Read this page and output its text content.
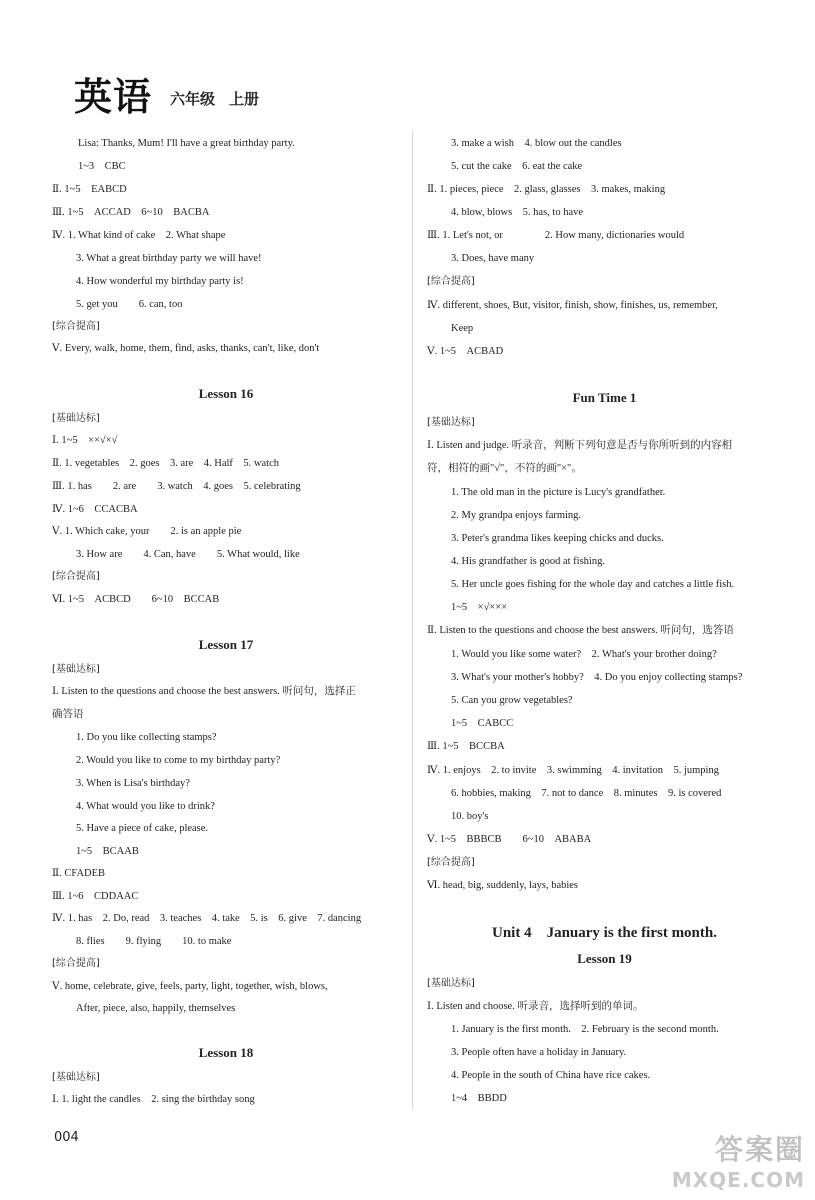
英语 六年级 上册
Lisa: Thanks, Mum! I'll have a great birthday party.
1~3　CBC
Ⅱ. 1~5　EABCD
Ⅲ. 1~5　ACCAD　6~10　BACBA
Ⅳ. 1. What kind of cake　2. What shape
3. What a great birthday party we will have!
4. How wonderful my birthday party is!
5. get you　　6. can, too
[综合提高]
Ⅴ. Every, walk, home, them, find, asks, thanks, can't, like, don't
Lesson 16
[基础达标]
Ⅰ. 1~5　××√×√
Ⅱ. 1. vegetables　2. goes　3. are　4. Half　5. watch
Ⅲ. 1. has　　2. are　　3. watch　4. goes　5. celebrating
Ⅳ. 1~6　CCACBA
Ⅴ. 1. Which cake, your　　2. is an apple pie
3. How are　　4. Can, have　　5. What would, like
[综合提高]
Ⅵ. 1~5　ACBCD　　6~10　BCCAB
Lesson 17
[基础达标]
Ⅰ. Listen to the questions and choose the best answers. 听问句，选择正
确答语
1. Do you like collecting stamps?
2. Would you like to come to my birthday party?
3. When is Lisa's birthday?
4. What would you like to drink?
5. Have a piece of cake, please.
1~5　BCAAB
Ⅱ. CFADEB
Ⅲ. 1~6　CDDAAC
Ⅳ. 1. has　2. Do, read　3. teaches　4. take　5. is　6. give　7. dancing
8. flies　　9. flying　　10. to make
[综合提高]
Ⅴ. home, celebrate, give, feels, party, light, together, wish, blows,
After, piece, also, happily, themselves
Lesson 18
[基础达标]
Ⅰ. 1. light the candles　2. sing the birthday song
3. make a wish　4. blow out the candles
5. cut the cake　6. eat the cake
Ⅱ. 1. pieces, piece　2. glass, glasses　3. makes, making
4. blow, blows　5. has, to have
Ⅲ. 1. Let's not, or　　　　2. How many, dictionaries would
3. Does, have many
[综合提高]
Ⅳ. different, shoes, But, visitor, finish, show, finishes, us, remember,
Keep
Ⅴ. 1~5　ACBAD
Fun Time 1
[基础达标]
Ⅰ. Listen and judge. 听录音，判断下列句意是否与你所听到的内容相
符，相符的画"√"，不符的画"×"。
1. The old man in the picture is Lucy's grandfather.
2. My grandpa enjoys farming.
3. Peter's grandma likes keeping chicks and ducks.
4. His grandfather is good at fishing.
5. Her uncle goes fishing for the whole day and catches a little fish.
1~5　×√×××
Ⅱ. Listen to the questions and choose the best answers. 听问句，选答语
1. Would you like some water?　2. What's your brother doing?
3. What's your mother's hobby?　4. Do you enjoy collecting stamps?
5. Can you grow vegetables?
1~5　CABCC
Ⅲ. 1~5　BCCBA
Ⅳ. 1. enjoys　2. to invite　3. swimming　4. invitation　5. jumping
6. hobbies, making　7. not to dance　8. minutes　9. is covered
10. boy's
Ⅴ. 1~5　BBBCB　　6~10　ABABA
[综合提高]
Ⅵ. head, big, suddenly, lays, babies
Unit 4　January is the first month.
Lesson 19
[基础达标]
Ⅰ. Listen and choose. 听录音，选择听到的单词。
1. January is the first month.　2. February is the second month.
3. People often have a holiday in January.
4. People in the south of China have rice cakes.
1~4　BBDD
004	答案圈
MXQE.COM
